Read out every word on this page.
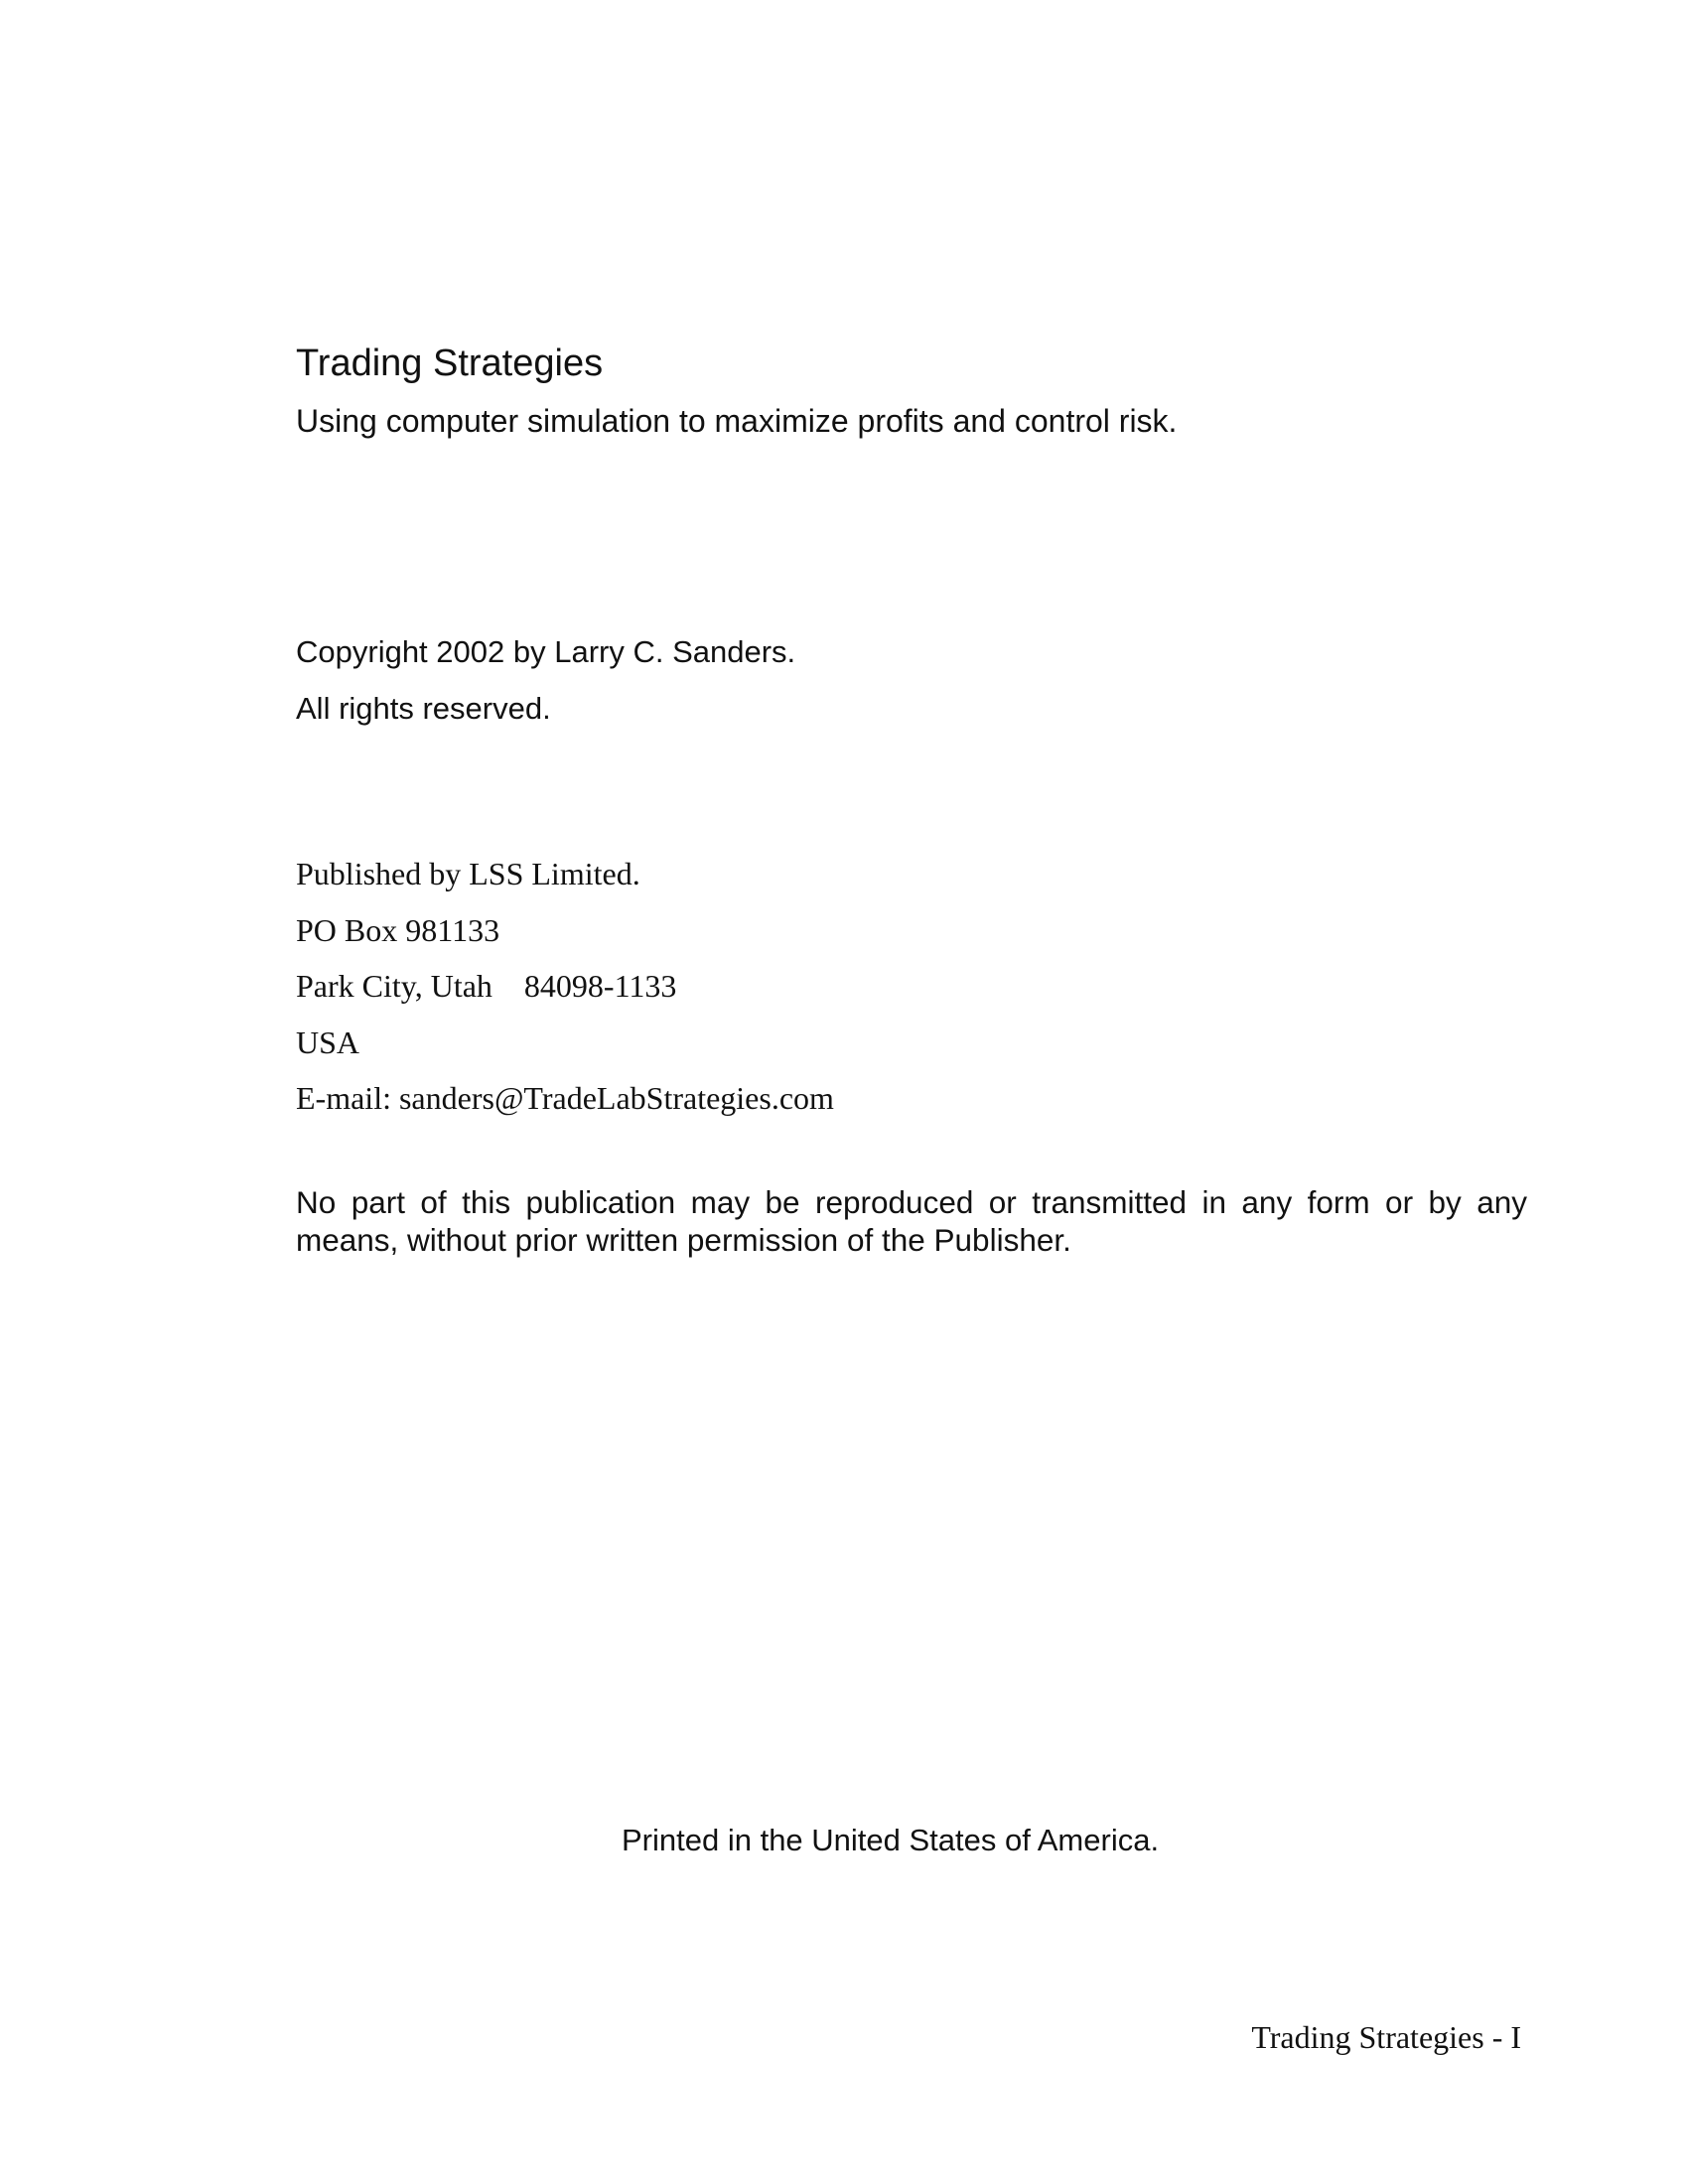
Trading Strategies
Using computer simulation to maximize profits and control risk.
Copyright 2002 by Larry C. Sanders.
All rights reserved.
Published by LSS Limited.
PO Box 981133
Park City, Utah    84098-1133
USA
E-mail: sanders@TradeLabStrategies.com

No part of this publication may be reproduced or transmitted in any form or by any means, without prior written permission of the Publisher.

Printed in the United States of America.
Trading Strategies - I
